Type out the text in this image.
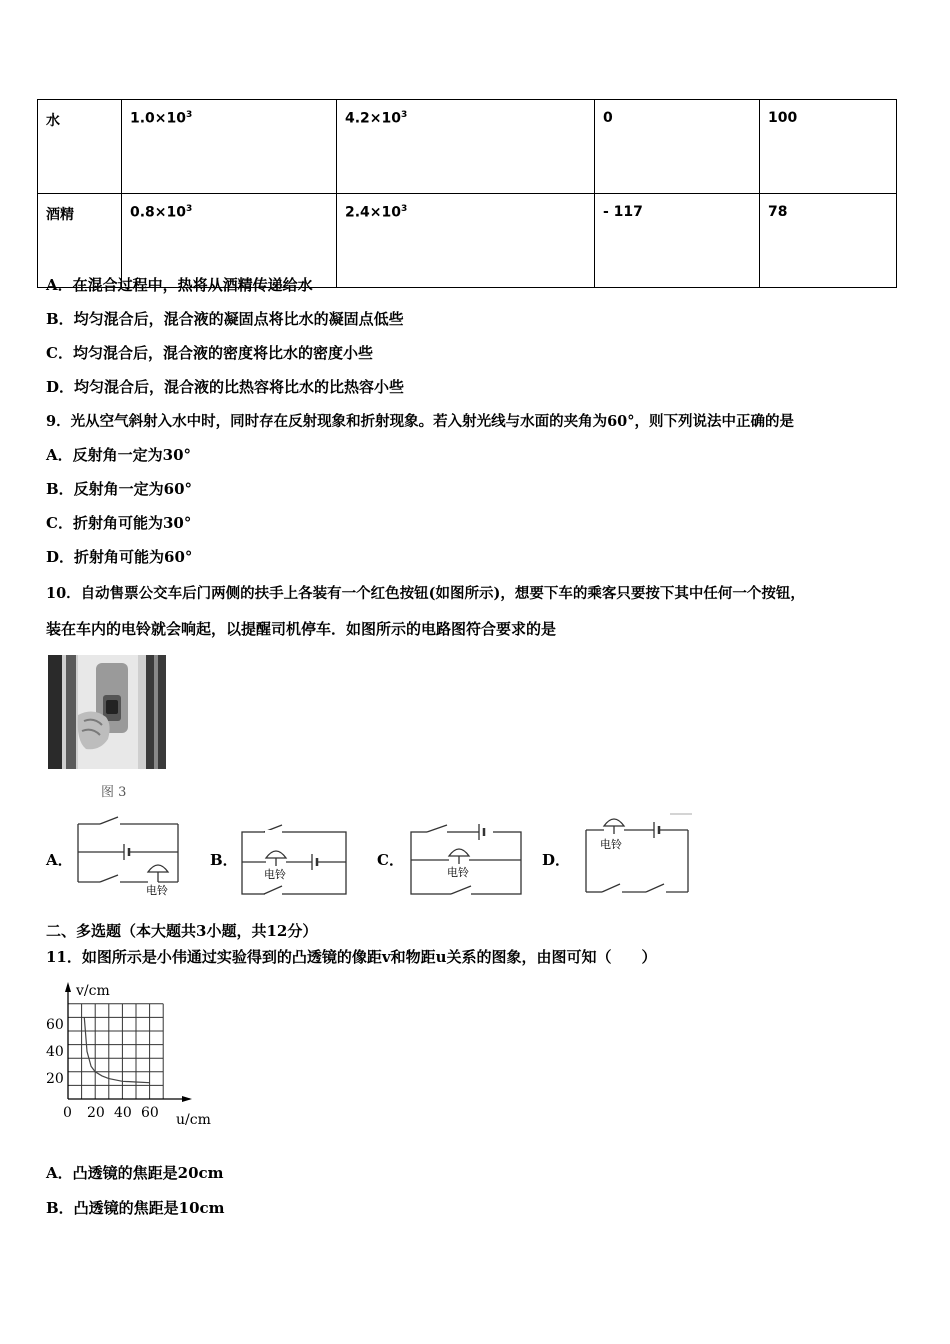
水	$1.0\times 10^3$	$4.2\times 10^3$	0	100
酒精	$0.8\times 10^3$	$2.4\times 10^3$	- 117	78
A．在混合过程中，热将从酒精传递给水
B．均匀混合后，混合液的凝固点将比水的凝固点低些
C．均匀混合后，混合液的密度将比水的密度小些
D．均匀混合后，混合液的比热容将比水的比热容小些
9．光从空气斜射入水中时，同时存在反射现象和折射现象。若入射光线与水面的夹角为60°，则下列说法中正确的是
A．反射角一定为30°
B．反射角一定为60°
C．折射角可能为30°
D．折射角可能为60°
10．自动售票公交车后门两侧的扶手上各装有一个红色按钮(如图所示)，想要下车的乘客只要按下其中任何一个按钮，
装在车内的电铃就会响起，以提醒司机停车．如图所示的电路图符合要求的是
图 3
A．	B．	C．	D．
电铃
电铃	电铃
电铃
二、多选题（本大题共3小题，共12分）
11．如图所示是小伟通过实验得到的凸透镜的像距v和物距u关系的图象，由图可知（　　）
v/cm
u/cm
60
40
20
0 20 40 60
A．凸透镜的焦距是20cm
B．凸透镜的焦距是10cm
